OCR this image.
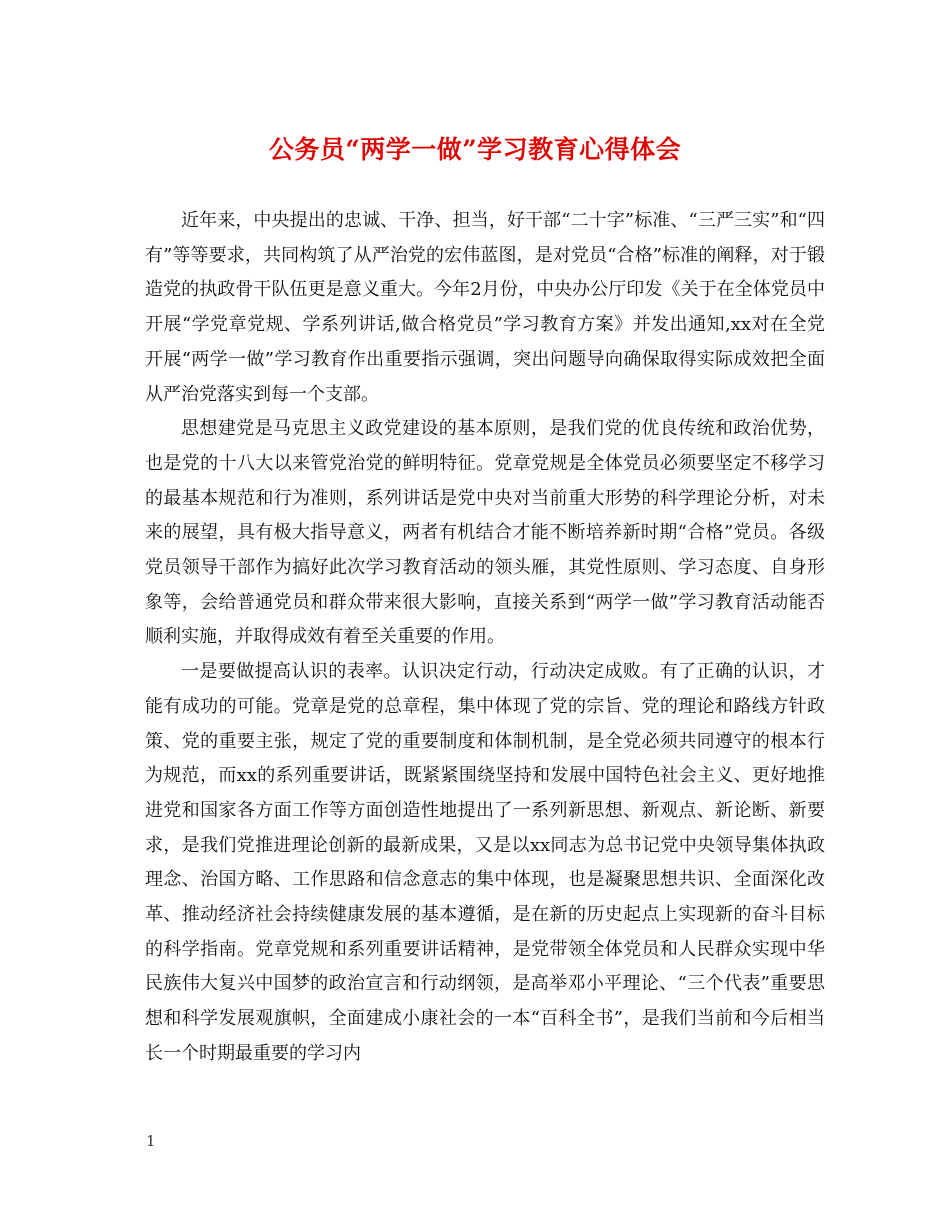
公务员“两学一做”学习教育心得体会

近年来，中央提出的忠诚、干净、担当，好干部“二十字”标准、“三严三实”和“四有”等等要求，共同构筑了从严治党的宏伟蓝图，是对党员“合格”标准的阐释，对于锻造党的执政骨干队伍更是意义重大。今年2月份，中央办公厅印发《关于在全体党员中开展“学党章党规、学系列讲话,做合格党员”学习教育方案》并发出通知,xx对在全党开展“两学一做”学习教育作出重要指示强调，突出问题导向确保取得实际成效把全面从严治党落实到每一个支部。

思想建党是马克思主义政党建设的基本原则，是我们党的优良传统和政治优势，也是党的十八大以来管党治党的鲜明特征。党章党规是全体党员必须要坚定不移学习的最基本规范和行为准则，系列讲话是党中央对当前重大形势的科学理论分析，对未来的展望，具有极大指导意义，两者有机结合才能不断培养新时期“合格”党员。各级党员领导干部作为搞好此次学习教育活动的领头雁，其党性原则、学习态度、自身形象等，会给普通党员和群众带来很大影响，直接关系到“两学一做”学习教育活动能否顺利实施，并取得成效有着至关重要的作用。

一是要做提高认识的表率。认识决定行动，行动决定成败。有了正确的认识，才能有成功的可能。党章是党的总章程，集中体现了党的宗旨、党的理论和路线方针政策、党的重要主张，规定了党的重要制度和体制机制，是全党必须共同遵守的根本行为规范，而xx的系列重要讲话，既紧紧围绕坚持和发展中国特色社会主义、更好地推进党和国家各方面工作等方面创造性地提出了一系列新思想、新观点、新论断、新要求，是我们党推进理论创新的最新成果，又是以xx同志为总书记党中央领导集体执政理念、治国方略、工作思路和信念意志的集中体现，也是凝聚思想共识、全面深化改革、推动经济社会持续健康发展的基本遵循，是在新的历史起点上实现新的奋斗目标的科学指南。党章党规和系列重要讲话精神，是党带领全体党员和人民群众实现中华民族伟大复兴中国梦的政治宣言和行动纲领，是高举邓小平理论、“三个代表”重要思想和科学发展观旗帜，全面建成小康社会的一本“百科全书”，是我们当前和今后相当长一个时期最重要的学习内

1
